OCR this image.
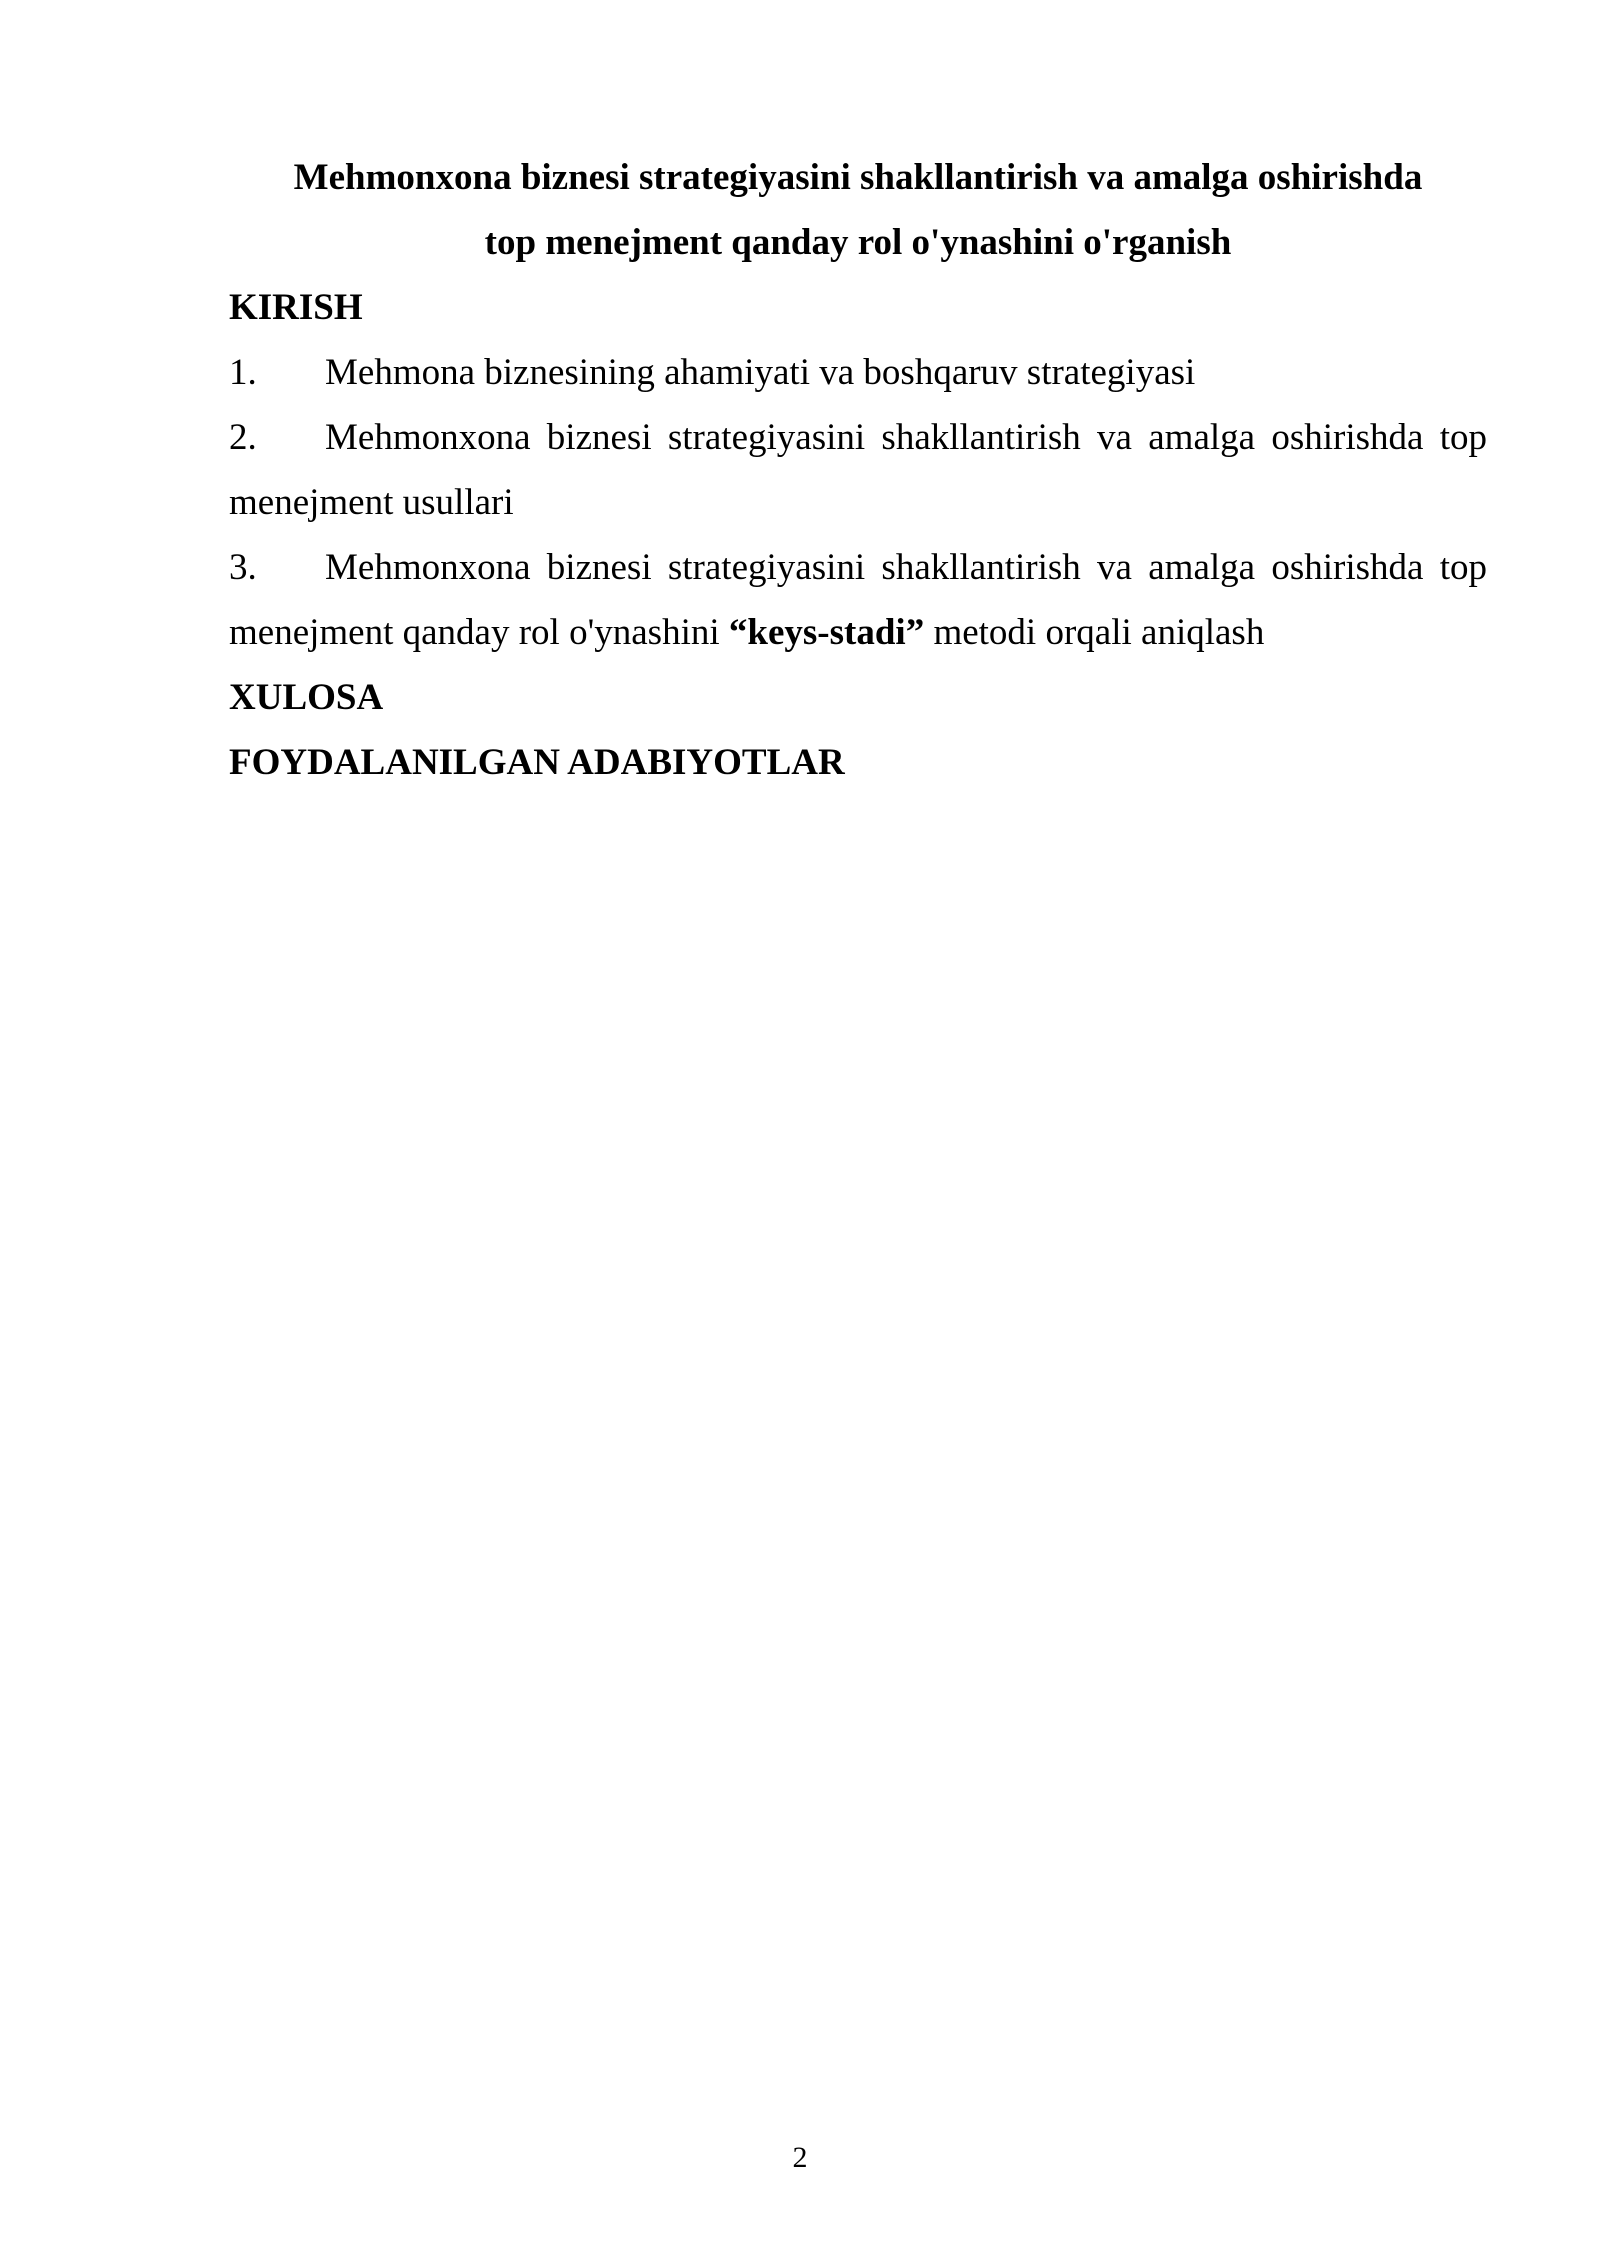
Mehmonxona biznesi strategiyasini shakllantirish va amalga oshirishda top menejment qanday rol o'ynashini o'rganish

KIRISH

1. Mehmona biznesining ahamiyati va boshqaruv strategiyasi

2. Mehmonxona biznesi strategiyasini shakllantirish va amalga oshirishda top menejment usullari

3. Mehmonxona biznesi strategiyasini shakllantirish va amalga oshirishda top menejment qanday rol o'ynashini “keys-stadi” metodi orqali aniqlash

XULOSA

FOYDALANILGAN ADABIYOTLAR

2
